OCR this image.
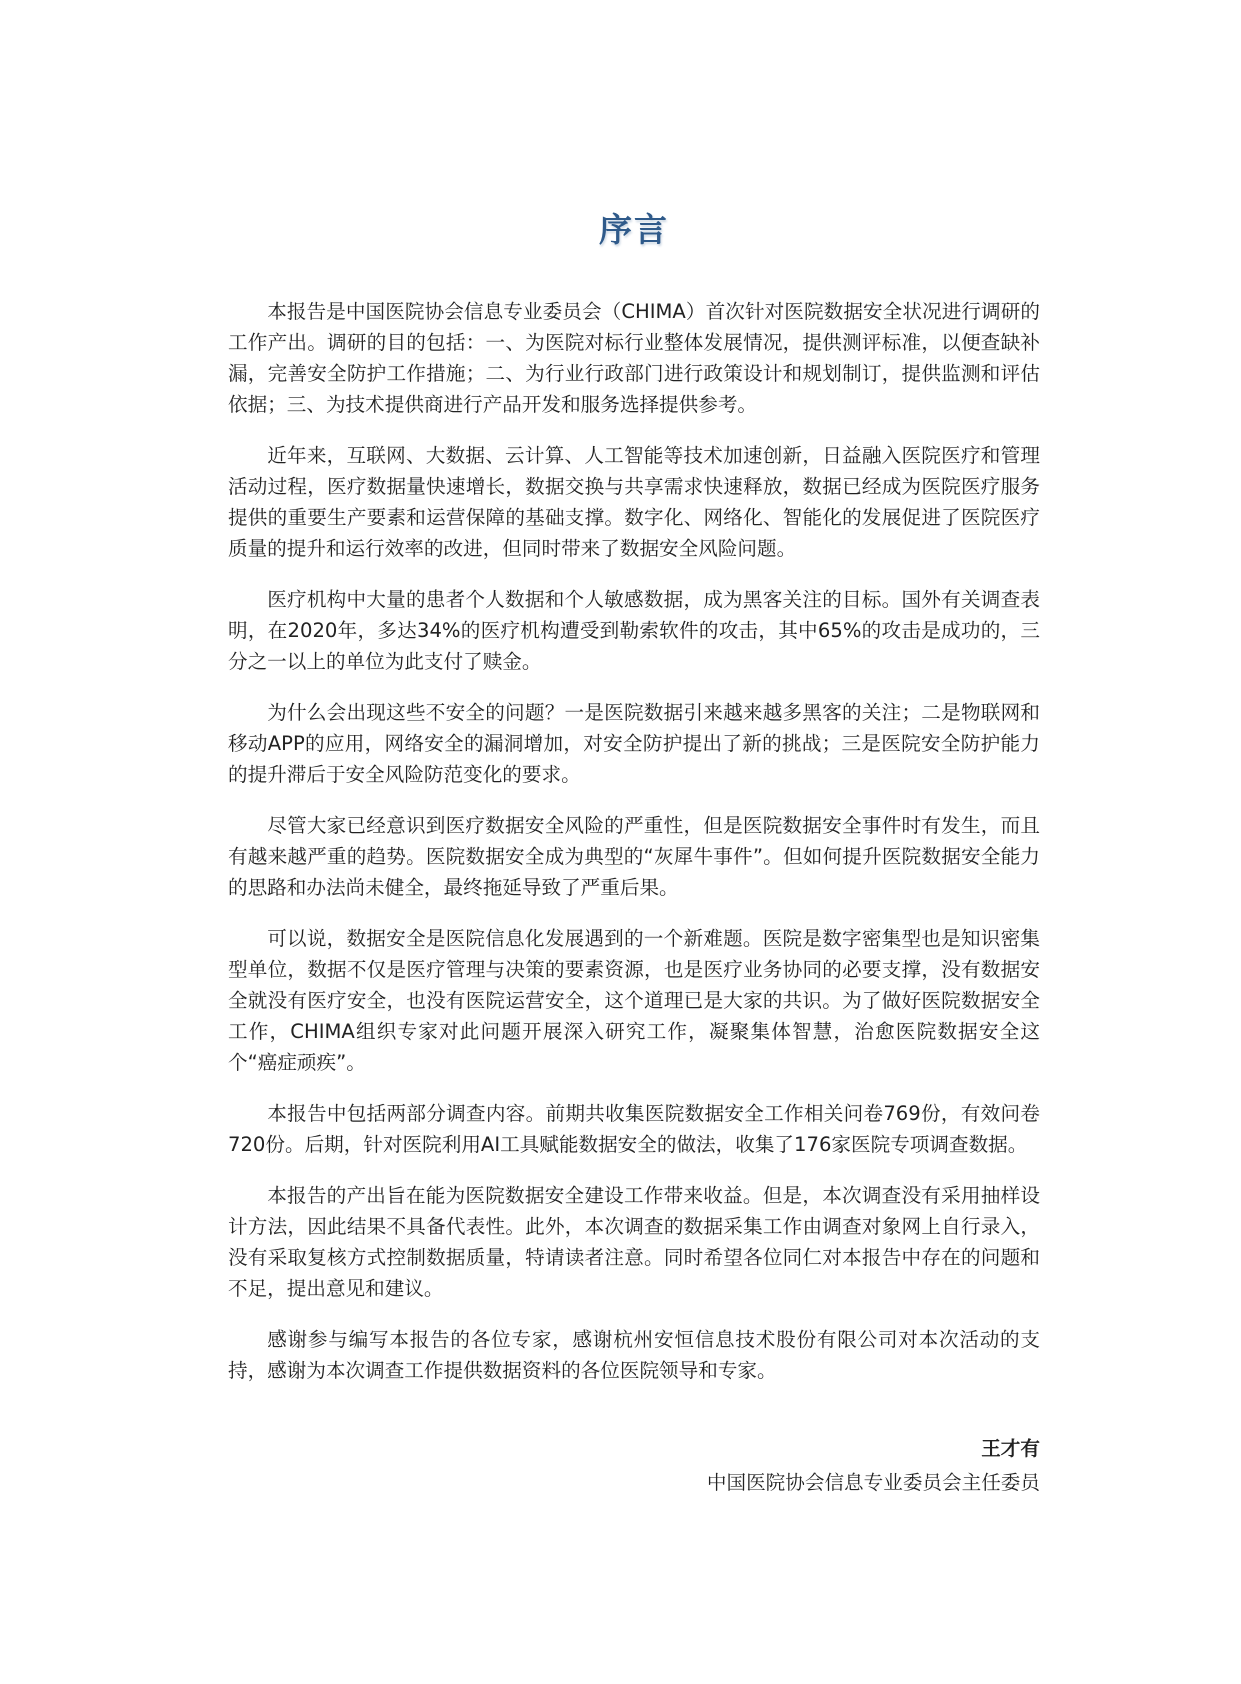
序言

本报告是中国医院协会信息专业委员会（CHIMA）首次针对医院数据安全状况进行调研的工作产出。调研的目的包括：一、为医院对标行业整体发展情况，提供测评标准，以便查缺补漏，完善安全防护工作措施；二、为行业行政部门进行政策设计和规划制订，提供监测和评估依据；三、为技术提供商进行产品开发和服务选择提供参考。

近年来，互联网、大数据、云计算、人工智能等技术加速创新，日益融入医院医疗和管理活动过程，医疗数据量快速增长，数据交换与共享需求快速释放，数据已经成为医院医疗服务提供的重要生产要素和运营保障的基础支撑。数字化、网络化、智能化的发展促进了医院医疗质量的提升和运行效率的改进，但同时带来了数据安全风险问题。

医疗机构中大量的患者个人数据和个人敏感数据，成为黑客关注的目标。国外有关调查表明，在2020年，多达34%的医疗机构遭受到勒索软件的攻击，其中65%的攻击是成功的，三分之一以上的单位为此支付了赎金。

为什么会出现这些不安全的问题？一是医院数据引来越来越多黑客的关注；二是物联网和移动APP的应用，网络安全的漏洞增加，对安全防护提出了新的挑战；三是医院安全防护能力的提升滞后于安全风险防范变化的要求。

尽管大家已经意识到医疗数据安全风险的严重性，但是医院数据安全事件时有发生，而且有越来越严重的趋势。医院数据安全成为典型的“灰犀牛事件”。但如何提升医院数据安全能力的思路和办法尚未健全，最终拖延导致了严重后果。

可以说，数据安全是医院信息化发展遇到的一个新难题。医院是数字密集型也是知识密集型单位，数据不仅是医疗管理与决策的要素资源，也是医疗业务协同的必要支撑，没有数据安全就没有医疗安全，也没有医院运营安全，这个道理已是大家的共识。为了做好医院数据安全工作，CHIMA组织专家对此问题开展深入研究工作，凝聚集体智慧，治愈医院数据安全这个“癌症顽疾”。

本报告中包括两部分调查内容。前期共收集医院数据安全工作相关问卷769份，有效问卷720份。后期，针对医院利用AI工具赋能数据安全的做法，收集了176家医院专项调查数据。

本报告的产出旨在能为医院数据安全建设工作带来收益。但是，本次调查没有采用抽样设计方法，因此结果不具备代表性。此外，本次调查的数据采集工作由调查对象网上自行录入，没有采取复核方式控制数据质量，特请读者注意。同时希望各位同仁对本报告中存在的问题和不足，提出意见和建议。

感谢参与编写本报告的各位专家，感谢杭州安恒信息技术股份有限公司对本次活动的支持，感谢为本次调查工作提供数据资料的各位医院领导和专家。

王才有
中国医院协会信息专业委员会主任委员
